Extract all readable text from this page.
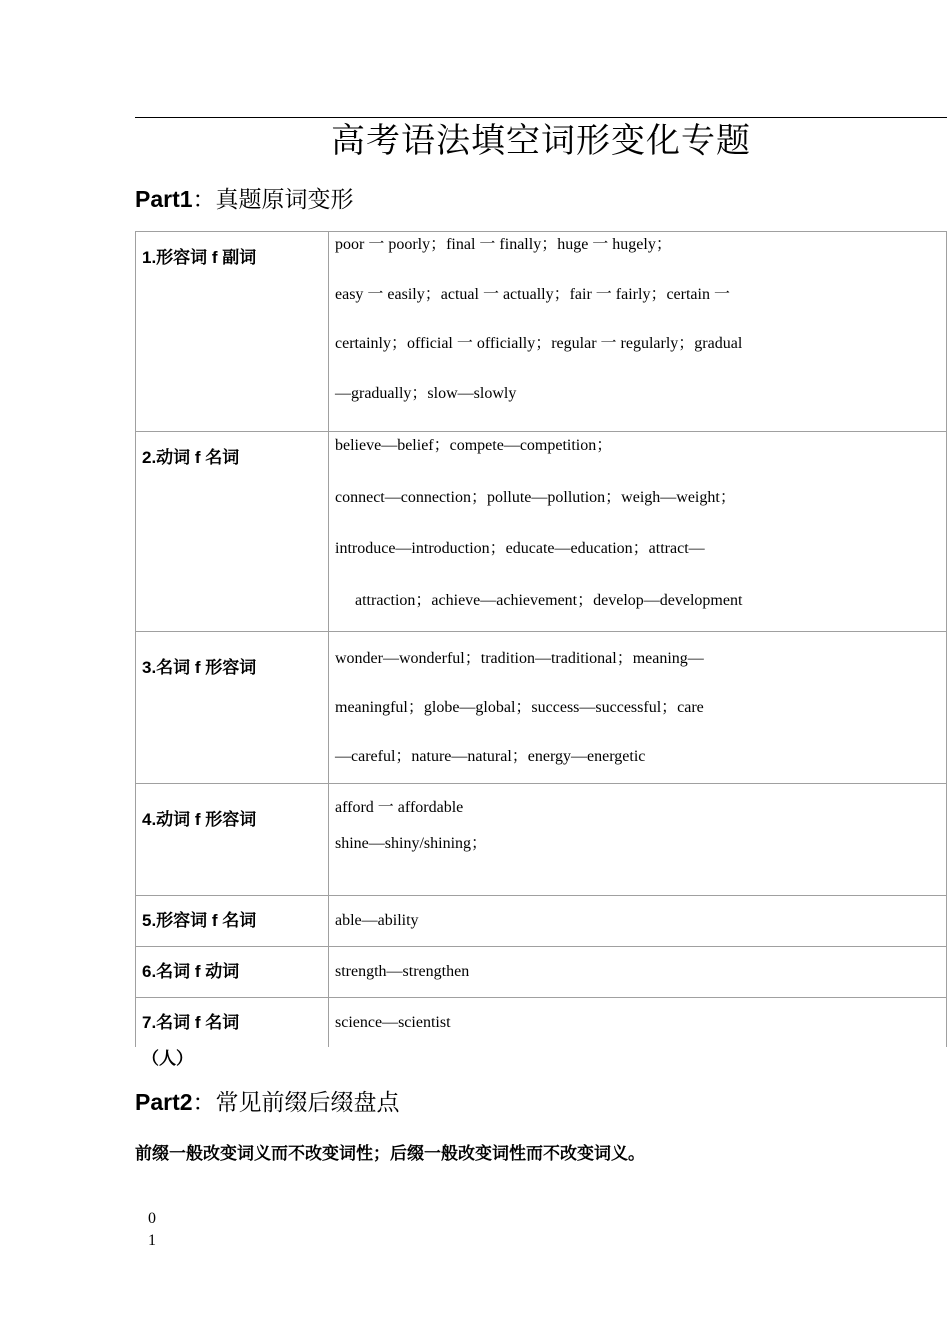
高考语法填空词形变化专题
Part1：真题原词变形
1.形容词 f 副词	poor 一 poorly；final 一 finally；huge 一 hugely；
easy 一 easily；actual 一 actually；fair 一 fairly；certain 一
certainly；official 一 officially；regular 一 regularly；gradual
—gradually；slow—slowly

2.动词 f 名词	believe—belief；compete—competition；
connect—connection；pollute—pollution；weigh—weight；
introduce—introduction；educate—education；attract—
attraction；achieve—achievement；develop—development

3.名词 f 形容词	wonder—wonderful；tradition—traditional；meaning—
meaningful；globe—global；success—successful；care
—careful；nature—natural；energy—energetic

4.动词 f 形容词	afford 一 affordable
shine—shiny/shining；

5.形容词 f 名词	able—ability

6.名词 f 动词	strength—strengthen

7.名词 f 名词	science—scientist
（人）
Part2：常见前缀后缀盘点
前缀一般改变词义而不改变词性；后缀一般改变词性而不改变词义。
0
1
